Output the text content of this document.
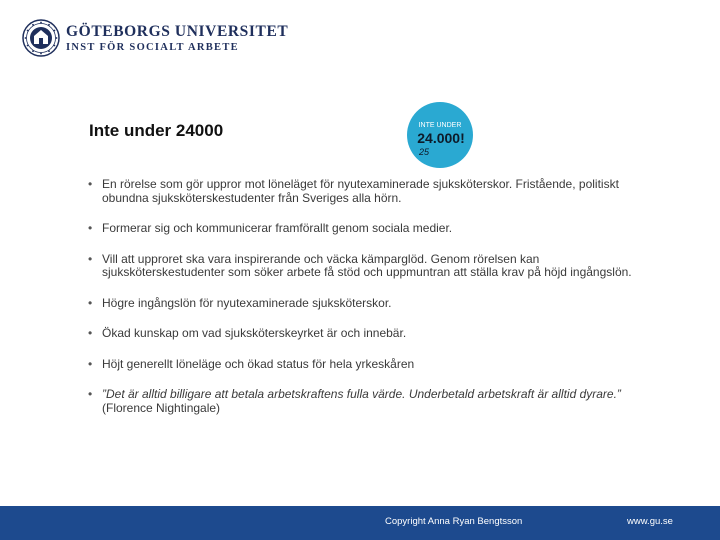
GÖTEBORGS UNIVERSITET
INST FÖR SOCIALT ARBETE
Inte under 24000	INTE UNDER
24.000!
25
• En rörelse som gör uppror mot löneläget för nyutexaminerade sjuksköterskor. Fristående, politiskt obundna sjuksköterskestudenter från Sveriges alla hörn.
• Formerar sig och kommunicerar framförallt genom sociala medier.
• Vill att upproret ska vara inspirerande och väcka kämparglöd. Genom rörelsen kan sjuksköterskestudenter som söker arbete få stöd och uppmuntran att ställa krav på höjd ingångslön.
• Högre ingångslön för nyutexaminerade sjuksköterskor.
• Ökad kunskap om vad sjuksköterskeyrket är och innebär.
• Höjt generellt löneläge och ökad status för hela yrkeskåren
• ”Det är alltid billigare att betala arbetskraftens fulla värde. Underbetald arbetskraft är alltid dyrare.” (Florence Nightingale)
Copyright Anna Ryan Bengtsson	www.gu.se
